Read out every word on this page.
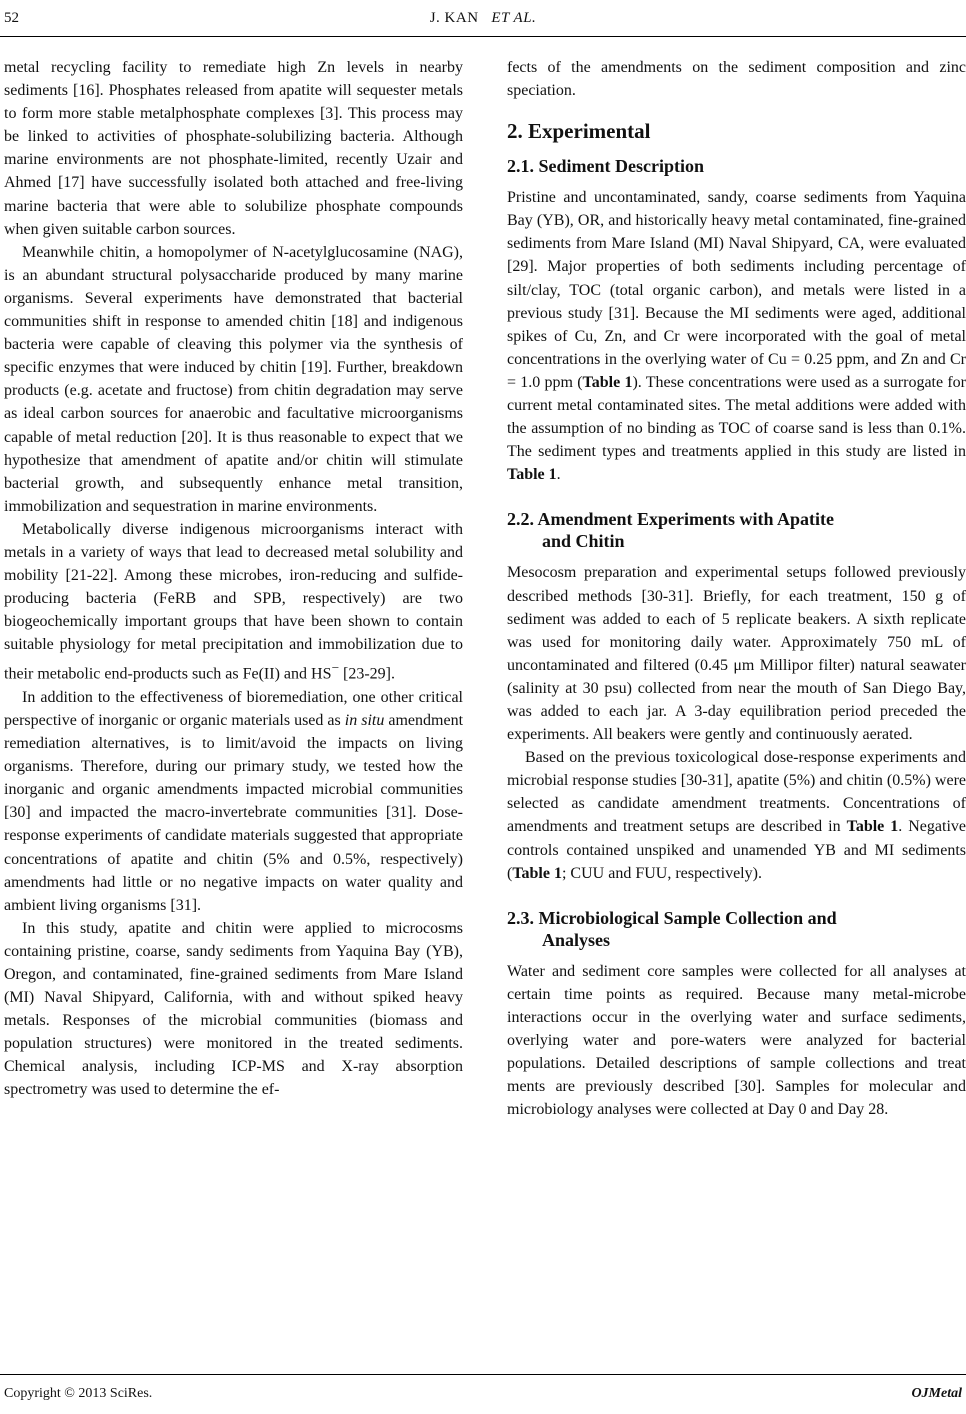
52	J. KAN ET AL.

metal recycling facility to remediate high Zn levels in nearby sediments [16]. Phosphates released from apatite will sequester metals to form more stable metalphosphate complexes [3]. This process may be linked to activities of phosphate-solubilizing bacteria. Although marine environments are not phosphate-limited, recently Uzair and Ahmed [17] have successfully isolated both attached and free-living marine bacteria that were able to solubilize phosphate compounds when given suitable carbon sources.

Meanwhile chitin, a homopolymer of N-acetylglucosamine (NAG), is an abundant structural polysaccharide produced by many marine organisms. Several experiments have demonstrated that bacterial communities shift in response to amended chitin [18] and indigenous bacteria were capable of cleaving this polymer via the synthesis of specific enzymes that were induced by chitin [19]. Further, breakdown products (e.g. acetate and fructose) from chitin degradation may serve as ideal carbon sources for anaerobic and facultative microorganisms capable of metal reduction [20]. It is thus reasonable to expect that we hypothesize that amendment of apatite and/or chitin will stimulate bacterial growth, and subsequently enhance metal transition, immobilization and sequestration in marine environments.

Metabolically diverse indigenous microorganisms interact with metals in a variety of ways that lead to decreased metal solubility and mobility [21-22]. Among these microbes, iron-reducing and sulfide-producing bacteria (FeRB and SPB, respectively) are two biogeochemically important groups that have been shown to contain suitable physiology for metal precipitation and immobilization due to their metabolic end-products such as Fe(II) and HS− [23-29].

In addition to the effectiveness of bioremediation, one other critical perspective of inorganic or organic materials used as in situ amendment remediation alternatives, is to limit/avoid the impacts on living organisms. Therefore, during our primary study, we tested how the inorganic and organic amendments impacted microbial communities [30] and impacted the macro-invertebrate communities [31]. Dose-response experiments of candidate materials suggested that appropriate concentrations of apatite and chitin (5% and 0.5%, respectively) amendments had little or no negative impacts on water quality and ambient living organisms [31].

In this study, apatite and chitin were applied to microcosms containing pristine, coarse, sandy sediments from Yaquina Bay (YB), Oregon, and contaminated, fine-grained sediments from Mare Island (MI) Naval Shipyard, California, with and without spiked heavy metals. Responses of the microbial communities (biomass and population structures) were monitored in the treated sediments. Chemical analysis, including ICP-MS and X-ray absorption spectrometry was used to determine the ef-

fects of the amendments on the sediment composition and zinc speciation.

2. Experimental
2.1. Sediment Description

Pristine and uncontaminated, sandy, coarse sediments from Yaquina Bay (YB), OR, and historically heavy metal contaminated, fine-grained sediments from Mare Island (MI) Naval Shipyard, CA, were evaluated [29]. Major properties of both sediments including percentage of silt/clay, TOC (total organic carbon), and metals were listed in a previous study [31]. Because the MI sediments were aged, additional spikes of Cu, Zn, and Cr were incorporated with the goal of metal concentrations in the overlying water of Cu = 0.25 ppm, and Zn and Cr = 1.0 ppm (Table 1). These concentrations were used as a surrogate for current metal contaminated sites. The metal additions were added with the assumption of no binding as TOC of coarse sand is less than 0.1%. The sediment types and treatments applied in this study are listed in Table 1.

2.2. Amendment Experiments with Apatite
and Chitin

Mesocosm preparation and experimental setups followed previously described methods [30-31]. Briefly, for each treatment, 150 g of sediment was added to each of 5 replicate beakers. A sixth replicate was used for monitoring daily water. Approximately 750 mL of uncontaminated and filtered (0.45 μm Millipor filter) natural seawater (salinity at 30 psu) collected from near the mouth of San Diego Bay, was added to each jar. A 3-day equilibration period preceded the experiments. All beakers were gently and continuously aerated.

Based on the previous toxicological dose-response experiments and microbial response studies [30-31], apatite (5%) and chitin (0.5%) were selected as candidate amendment treatments. Concentrations of amendments and treatment setups are described in Table 1. Negative controls contained unspiked and unamended YB and MI sediments (Table 1; CUU and FUU, respectively).

2.3. Microbiological Sample Collection and
Analyses

Water and sediment core samples were collected for all analyses at certain time points as required. Because many metal-microbe interactions occur in the overlying water and surface sediments, overlying water and pore-waters were analyzed for bacterial populations. Detailed descriptions of sample collections and treat ments are previously described [30]. Samples for molecular and microbiology analyses were collected at Day 0 and Day 28.

Copyright © 2013 SciRes.	OJMetal
